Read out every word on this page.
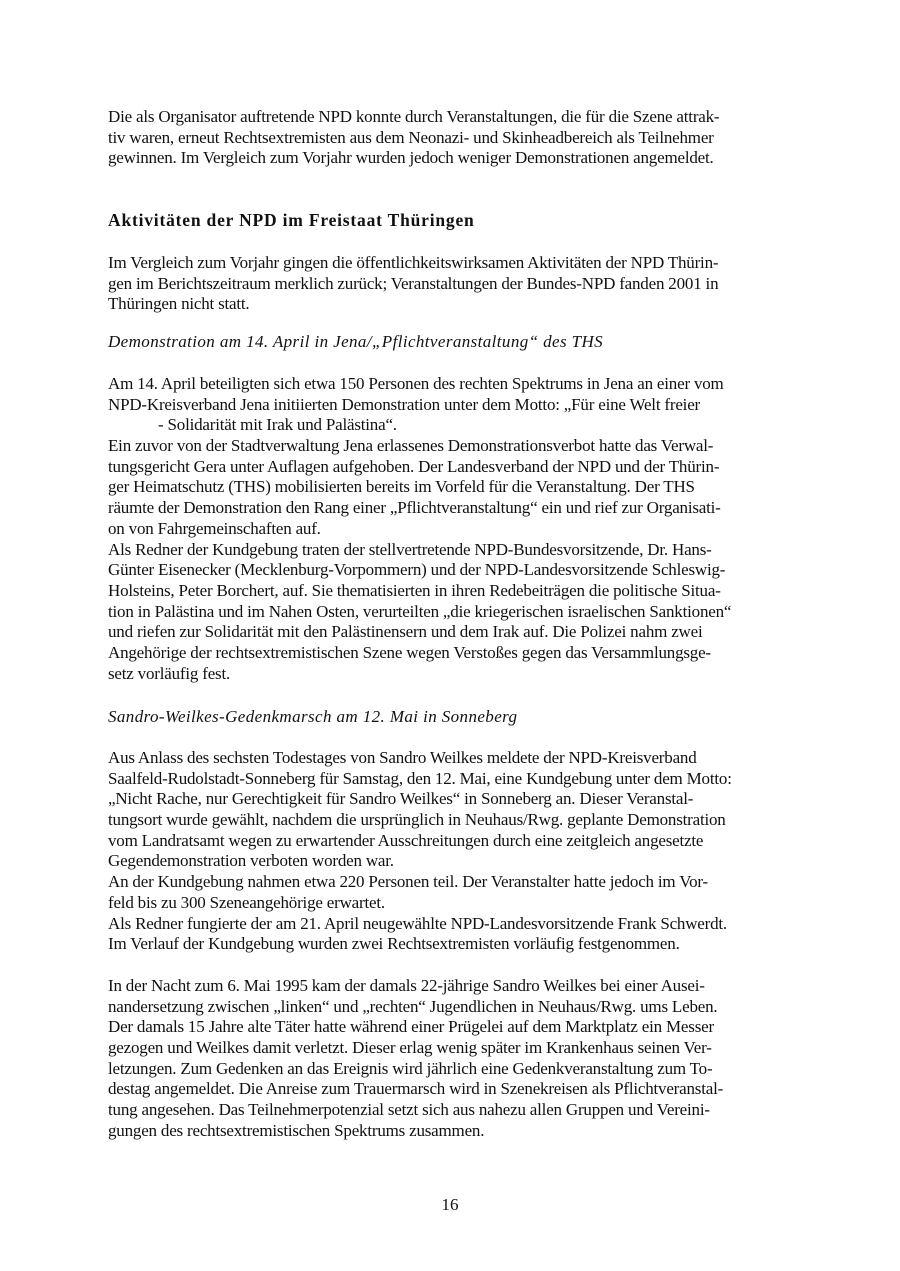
Die als Organisator auftretende NPD konnte durch Veranstaltungen, die für die Szene attrak-
tiv waren, erneut Rechtsextremisten aus dem Neonazi- und Skinheadbereich als Teilnehmer
gewinnen. Im Vergleich zum Vorjahr wurden jedoch weniger Demonstrationen angemeldet.
Aktivitäten der NPD im Freistaat Thüringen
Im Vergleich zum Vorjahr gingen die öffentlichkeitswirksamen Aktivitäten der NPD Thürin-
gen im Berichtszeitraum merklich zurück; Veranstaltungen der Bundes-NPD fanden 2001 in
Thüringen nicht statt.
Demonstration am 14. April in Jena/„Pflichtveranstaltung“ des THS
Am 14. April beteiligten sich etwa 150 Personen des rechten Spektrums in Jena an einer vom
NPD-Kreisverband Jena initiierten Demonstration unter dem Motto: „Für eine Welt freier
- Solidarität mit Irak und Palästina“.
Ein zuvor von der Stadtverwaltung Jena erlassenes Demonstrationsverbot hatte das Verwal-
tungsgericht Gera unter Auflagen aufgehoben. Der Landesverband der NPD und der Thürin-
ger Heimatschutz (THS) mobilisierten bereits im Vorfeld für die Veranstaltung. Der THS
räumte der Demonstration den Rang einer „Pflichtveranstaltung“ ein und rief zur Organisati-
on von Fahrgemeinschaften auf.
Als Redner der Kundgebung traten der stellvertretende NPD-Bundesvorsitzende, Dr. Hans-
Günter Eisenecker (Mecklenburg-Vorpommern) und der NPD-Landesvorsitzende Schleswig-
Holsteins, Peter Borchert, auf. Sie thematisierten in ihren Redebeiträgen die politische Situa-
tion in Palästina und im Nahen Osten, verurteilten „die kriegerischen israelischen Sanktionen“
und riefen zur Solidarität mit den Palästinensern und dem Irak auf. Die Polizei nahm zwei
Angehörige der rechtsextremistischen Szene wegen Verstoßes gegen das Versammlungsge-
setz vorläufig fest.
Sandro-Weilkes-Gedenkmarsch am 12. Mai in Sonneberg
Aus Anlass des sechsten Todestages von Sandro Weilkes meldete der NPD-Kreisverband
Saalfeld-Rudolstadt-Sonneberg für Samstag, den 12. Mai, eine Kundgebung unter dem Motto:
„Nicht Rache, nur Gerechtigkeit für Sandro Weilkes“ in Sonneberg an. Dieser Veranstal-
tungsort wurde gewählt, nachdem die ursprünglich in Neuhaus/Rwg. geplante Demonstration
vom Landratsamt wegen zu erwartender Ausschreitungen durch eine zeitgleich angesetzte
Gegendemonstration verboten worden war.
An der Kundgebung nahmen etwa 220 Personen teil. Der Veranstalter hatte jedoch im Vor-
feld bis zu 300 Szeneangehörige erwartet.
Als Redner fungierte der am 21. April neugewählte NPD-Landesvorsitzende Frank Schwerdt.
Im Verlauf der Kundgebung wurden zwei Rechtsextremisten vorläufig festgenommen.
In der Nacht zum 6. Mai 1995 kam der damals 22-jährige Sandro Weilkes bei einer Ausei-
nandersetzung zwischen „linken“ und „rechten“ Jugendlichen in Neuhaus/Rwg. ums Leben.
Der damals 15 Jahre alte Täter hatte während einer Prügelei auf dem Marktplatz ein Messer
gezogen und Weilkes damit verletzt. Dieser erlag wenig später im Krankenhaus seinen Ver-
letzungen. Zum Gedenken an das Ereignis wird jährlich eine Gedenkveranstaltung zum To-
destag angemeldet. Die Anreise zum Trauermarsch wird in Szenekreisen als Pflichtveranstal-
tung angesehen. Das Teilnehmerpotenzial setzt sich aus nahezu allen Gruppen und Vereini-
gungen des rechtsextremistischen Spektrums zusammen.
16
